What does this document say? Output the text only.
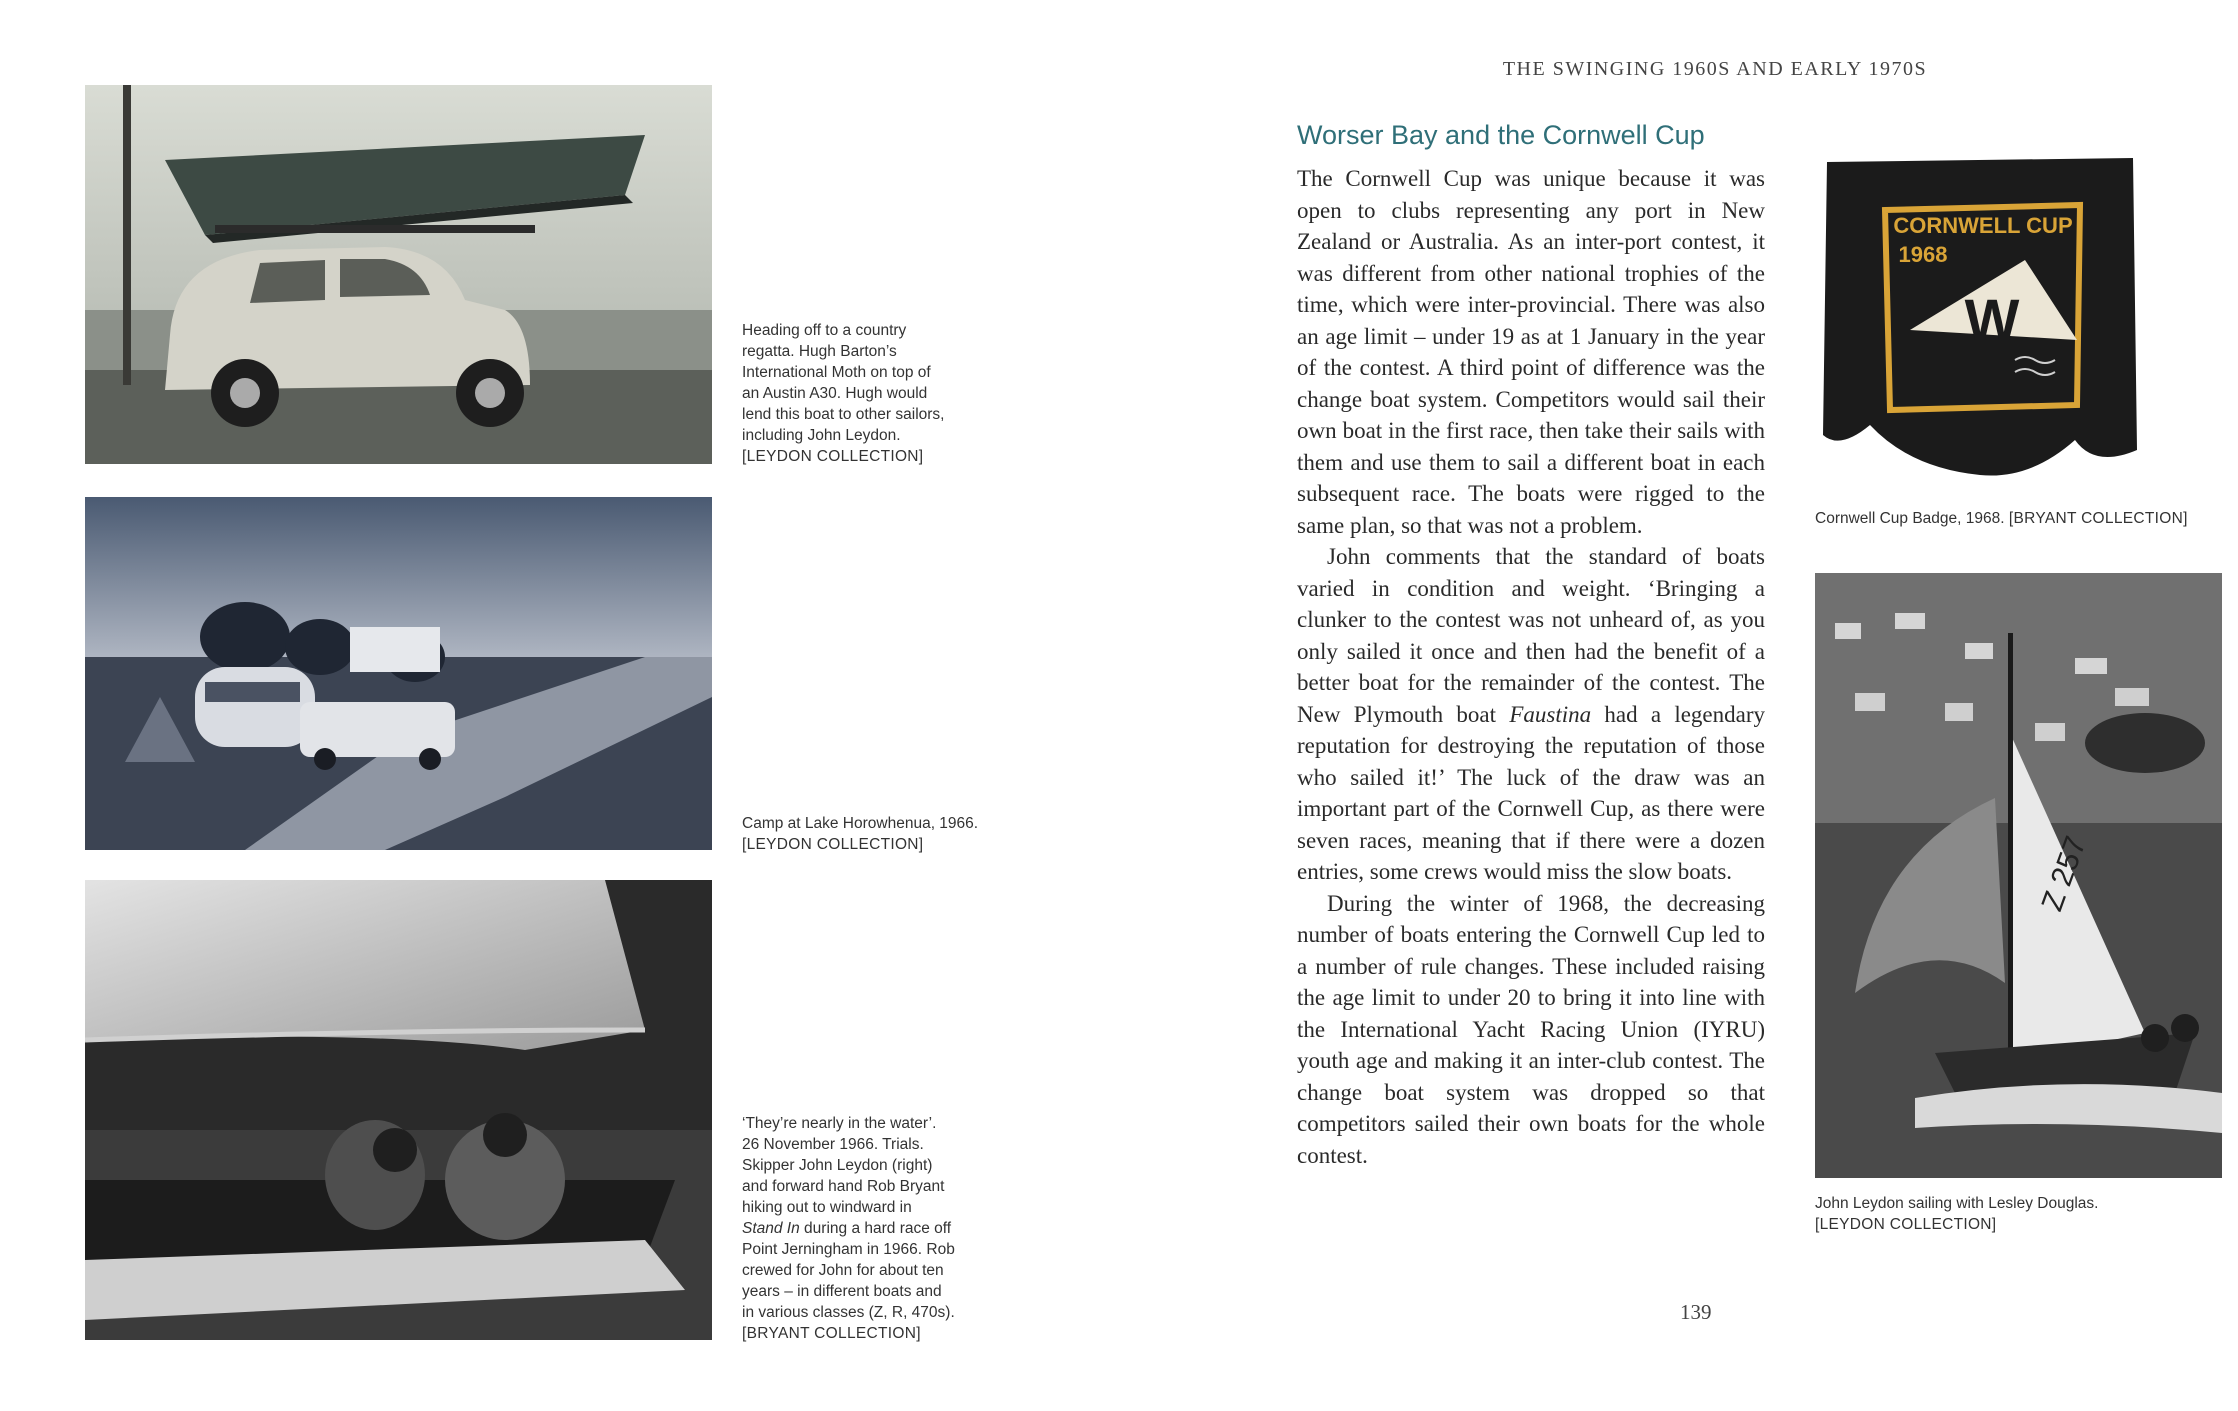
Heading off to a country
regatta. Hugh Barton’s
International Moth on top of
an Austin A30. Hugh would
lend this boat to other sailors,
including John Leydon.
[LEYDON COLLECTION]
Camp at Lake Horowhenua, 1966.
[LEYDON COLLECTION]
‘They’re nearly in the water’.
26 November 1966. Trials.
Skipper John Leydon (right)
and forward hand Rob Bryant
hiking out to windward in
Stand In during a hard race off
Point Jerningham in 1966. Rob
crewed for John for about ten
years – in different boats and
in various classes (Z, R, 470s).
[BRYANT COLLECTION]
THE SWINGING 1960S AND EARLY 1970S
Worser Bay and the Cornwell Cup

The Cornwell Cup was unique because it was open to clubs representing any port in New Zealand or Australia. As an inter-port contest, it was different from other national trophies of the time, which were inter-provincial. There was also an age limit – under 19 as at 1 January in the year of the contest. A third point of difference was the change boat system. Competitors would sail their own boat in the first race, then take their sails with them and use them to sail a different boat in each subsequent race. The boats were rigged to the same plan, so that was not a problem.

John comments that the standard of boats varied in condition and weight. ‘Bringing a clunker to the contest was not unheard of, as you only sailed it once and then had the benefit of a better boat for the remainder of the contest. The New Plymouth boat Faustina had a legendary reputation for destroying the reputation of those who sailed it!’ The luck of the draw was an important part of the Cornwell Cup, as there were seven races, meaning that if there were a dozen entries, some crews would miss the slow boats.

During the winter of 1968, the decreasing number of boats entering the Cornwell Cup led to a number of rule changes. These included raising the age limit to under 20 to bring it into line with the International Yacht Racing Union (IYRU) youth age and making it an inter-club contest. The change boat system was dropped so that competitors sailed their own boats for the whole contest.

CORNWELL CUP
1968
W
Cornwell Cup Badge, 1968. [BRYANT COLLECTION]
Z 257
John Leydon sailing with Lesley Douglas.
[LEYDON COLLECTION]
139
